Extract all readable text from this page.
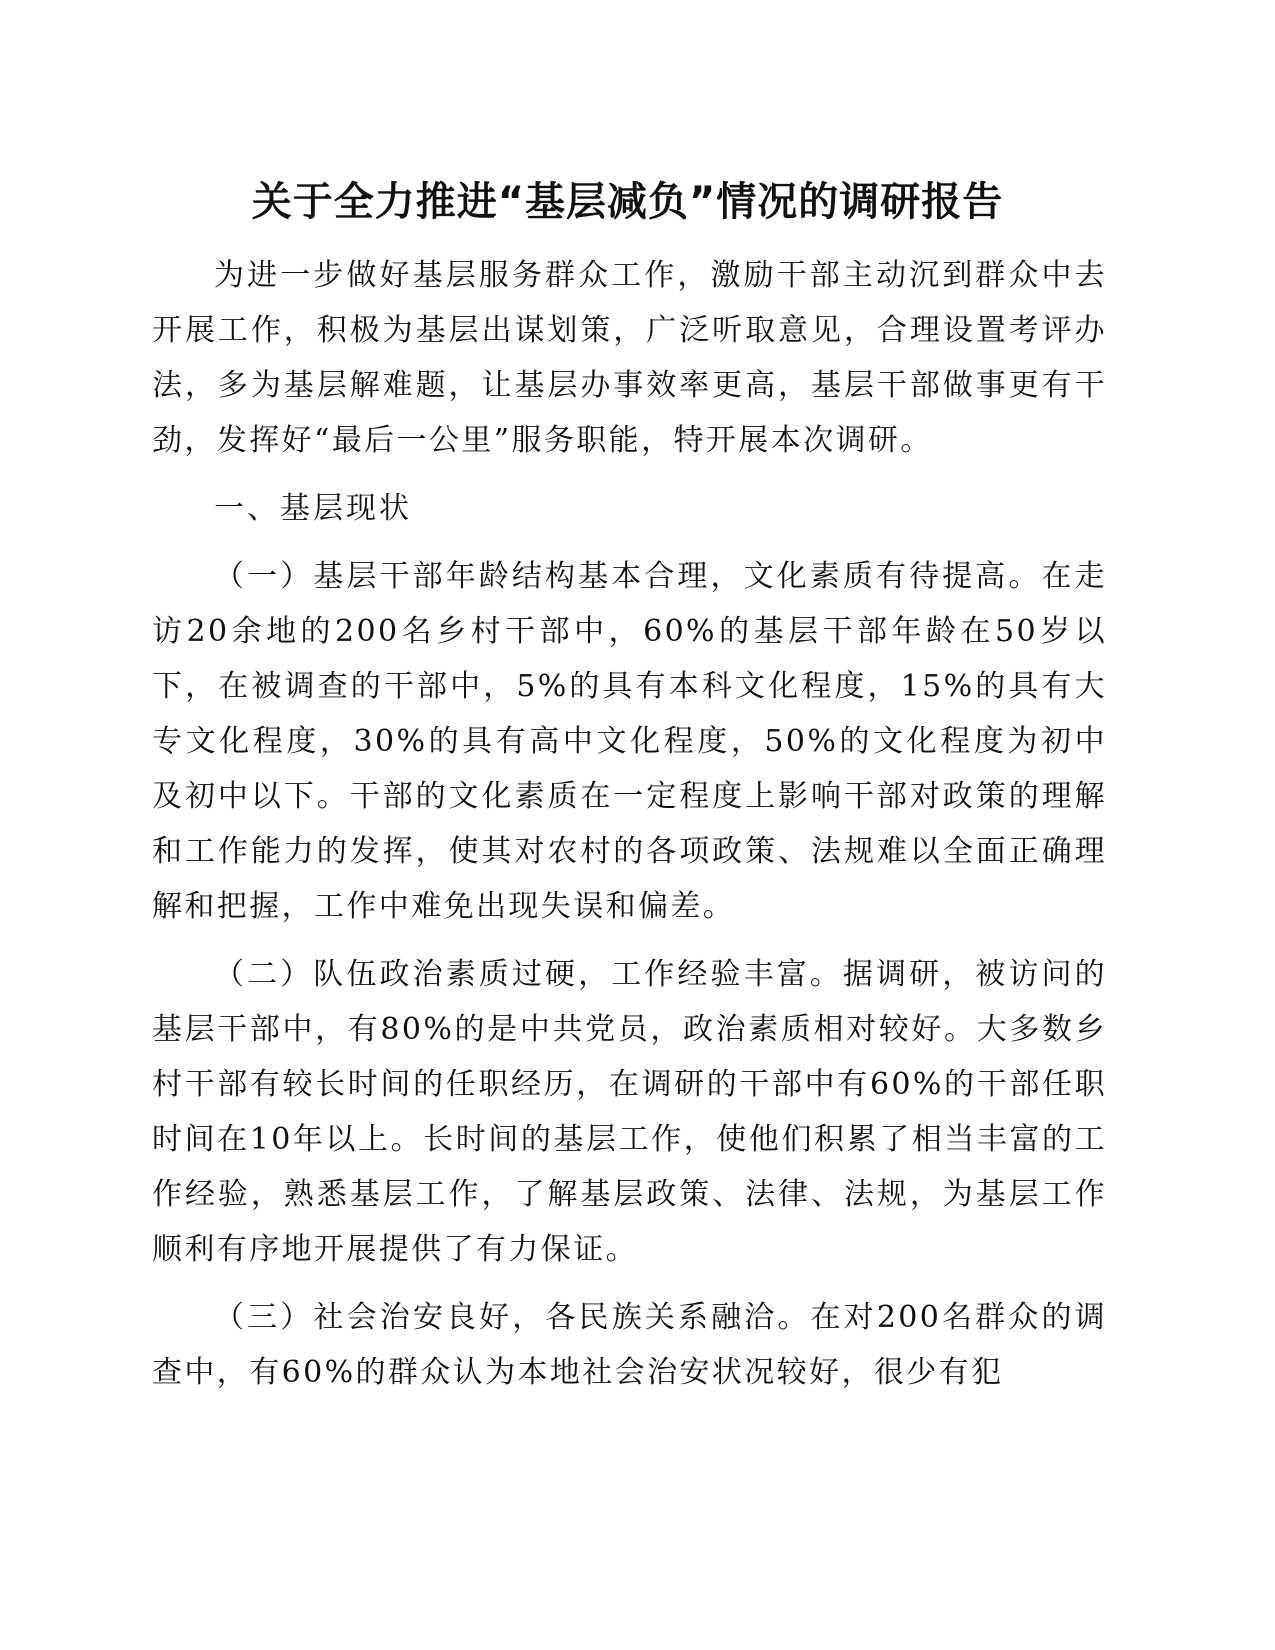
关于全力推进“基层减负”情况的调研报告

为进一步做好基层服务群众工作，激励干部主动沉到群众中去开展工作，积极为基层出谋划策，广泛听取意见，合理设置考评办法，多为基层解难题，让基层办事效率更高，基层干部做事更有干劲，发挥好“最后一公里”服务职能，特开展本次调研。

一、基层现状

（一）基层干部年龄结构基本合理，文化素质有待提高。在走访20余地的200名乡村干部中，60%的基层干部年龄在50岁以下，在被调查的干部中，5%的具有本科文化程度，15%的具有大专文化程度，30%的具有高中文化程度，50%的文化程度为初中及初中以下。干部的文化素质在一定程度上影响干部对政策的理解和工作能力的发挥，使其对农村的各项政策、法规难以全面正确理解和把握，工作中难免出现失误和偏差。

（二）队伍政治素质过硬，工作经验丰富。据调研，被访问的基层干部中，有80%的是中共党员，政治素质相对较好。大多数乡村干部有较长时间的任职经历，在调研的干部中有60%的干部任职时间在10年以上。长时间的基层工作，使他们积累了相当丰富的工作经验，熟悉基层工作，了解基层政策、法律、法规，为基层工作顺利有序地开展提供了有力保证。

（三）社会治安良好，各民族关系融洽。在对200名群众的调查中，有60%的群众认为本地社会治安状况较好，很少有犯
